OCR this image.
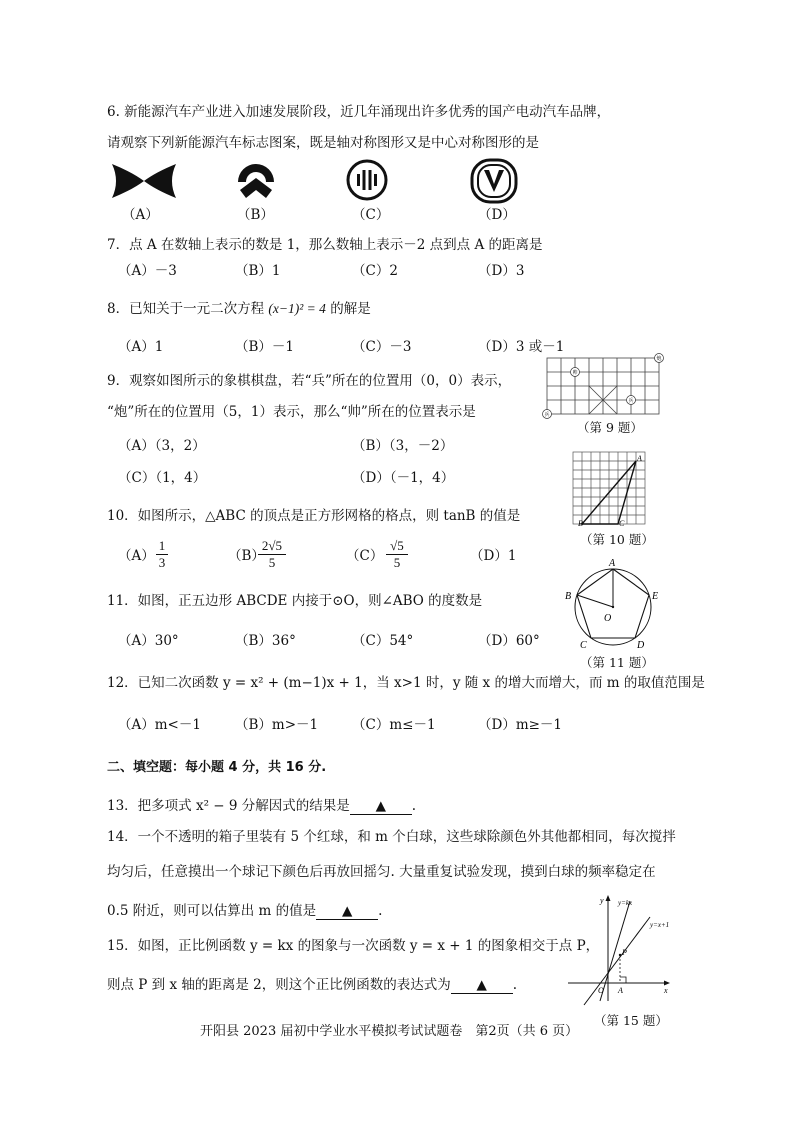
6. 新能源汽车产业进入加速发展阶段，近几年涌现出许多优秀的国产电动汽车品牌，
请观察下列新能源汽车标志图案，既是轴对称图形又是中心对称图形的是
（A）	（B）	（C）	（D）
7．点 A 在数轴上表示的数是 1，那么数轴上表示－2 点到点 A 的距离是
（A）－3	（B）1	（C）2	（D）3
8．已知关于一元二次方程 (x−1)² = 4 的解是
（A）1	（B）－1	（C）－3	（D）3 或－1
9．观察如图所示的象棋棋盘，若“兵”所在的位置用（0，0）表示，
“炮”所在的位置用（5，1）表示，那么“帅”所在的位置表示是
（A）（3，2）	（B）（3，－2）
（C）（1，4）	（D）（－1，4）
兵
帅
炮
兵
（第 9 题）
A
B	C
（第 10 题）
10．如图所示，△ABC 的顶点是正方形网格的格点，则 tanB 的值是
（A）
1
3	（B）
2√5
5	（C）
√5
5	（D）1
11．如图，正五边形 ABCDE 内接于⊙O，则∠ABO 的度数是
（A）30°	（B）36°	（C）54°	（D）60°
A
B
C	D
E
O
（第 11 题）
12．已知二次函数 y = x² + (m−1)x + 1，当 x>1 时，y 随 x 的增大而增大，而 m 的取值范围是
（A）m<－1	（B）m>－1	（C）m≤－1	（D）m≥－1
二、填空题：每小题 4 分，共 16 分.
13．把多项式 x² − 9 分解因式的结果是 ▲ .
14．一个不透明的箱子里装有 5 个红球，和 m 个白球，这些球除颜色外其他都相同，每次搅拌
均匀后，任意摸出一个球记下颜色后再放回摇匀. 大量重复试验发现，摸到白球的频率稳定在
0.5 附近，则可以估算出 m 的值是 ▲ .
15．如图，正比例函数 y = kx 的图象与一次函数 y = x + 1 的图象相交于点 P，
则点 P 到 x 轴的距离是 2，则这个正比例函数的表达式为 ▲ .
y
x
O A
P
y=kx
y=x+1
（第 15 题）
开阳县 2023 届初中学业水平模拟考试试题卷　第2页（共 6 页）
